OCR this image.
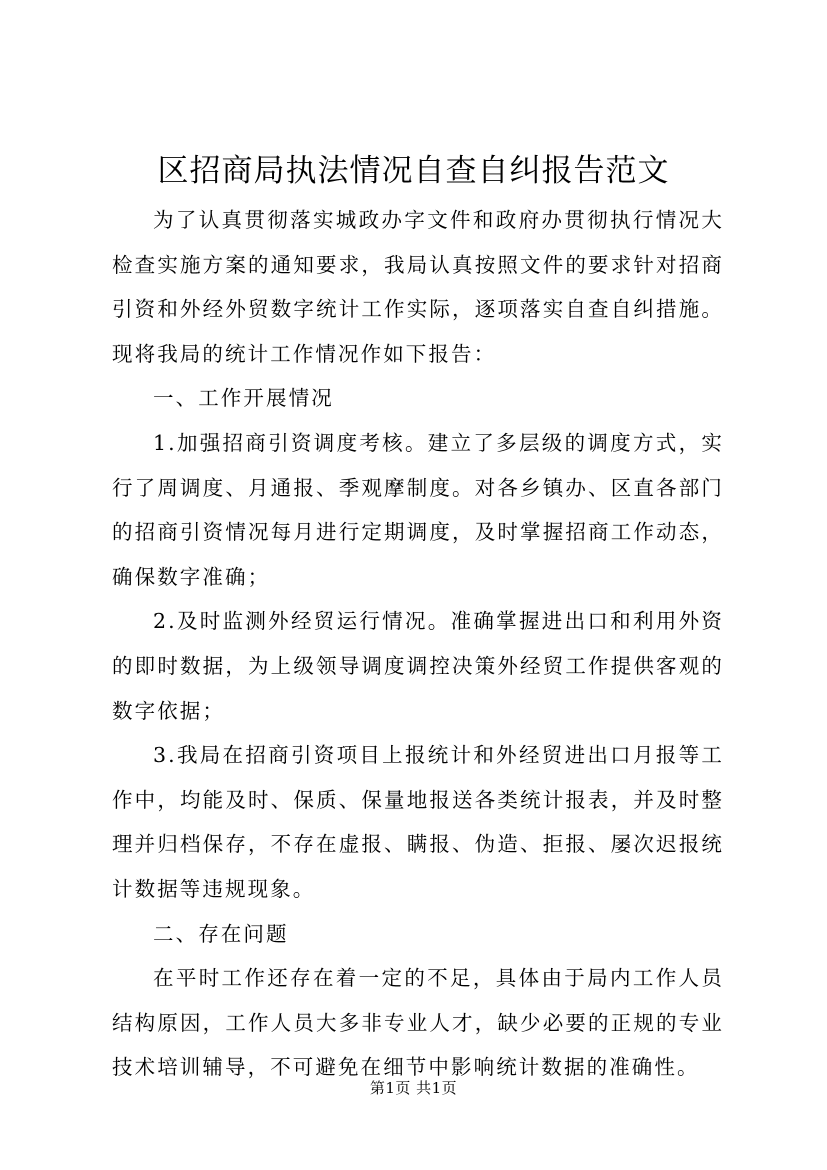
区招商局执法情况自查自纠报告范文

为了认真贯彻落实城政办字文件和政府办贯彻执行情况大检查实施方案的通知要求，我局认真按照文件的要求针对招商引资和外经外贸数字统计工作实际，逐项落实自查自纠措施。现将我局的统计工作情况作如下报告：

一、工作开展情况

1.加强招商引资调度考核。建立了多层级的调度方式，实行了周调度、月通报、季观摩制度。对各乡镇办、区直各部门的招商引资情况每月进行定期调度，及时掌握招商工作动态，确保数字准确；

2.及时监测外经贸运行情况。准确掌握进出口和利用外资的即时数据，为上级领导调度调控决策外经贸工作提供客观的数字依据；

3.我局在招商引资项目上报统计和外经贸进出口月报等工作中，均能及时、保质、保量地报送各类统计报表，并及时整理并归档保存，不存在虚报、瞒报、伪造、拒报、屡次迟报统计数据等违规现象。

二、存在问题

在平时工作还存在着一定的不足，具体由于局内工作人员结构原因，工作人员大多非专业人才，缺少必要的正规的专业技术培训辅导，不可避免在细节中影响统计数据的准确性。

第1页 共1页
